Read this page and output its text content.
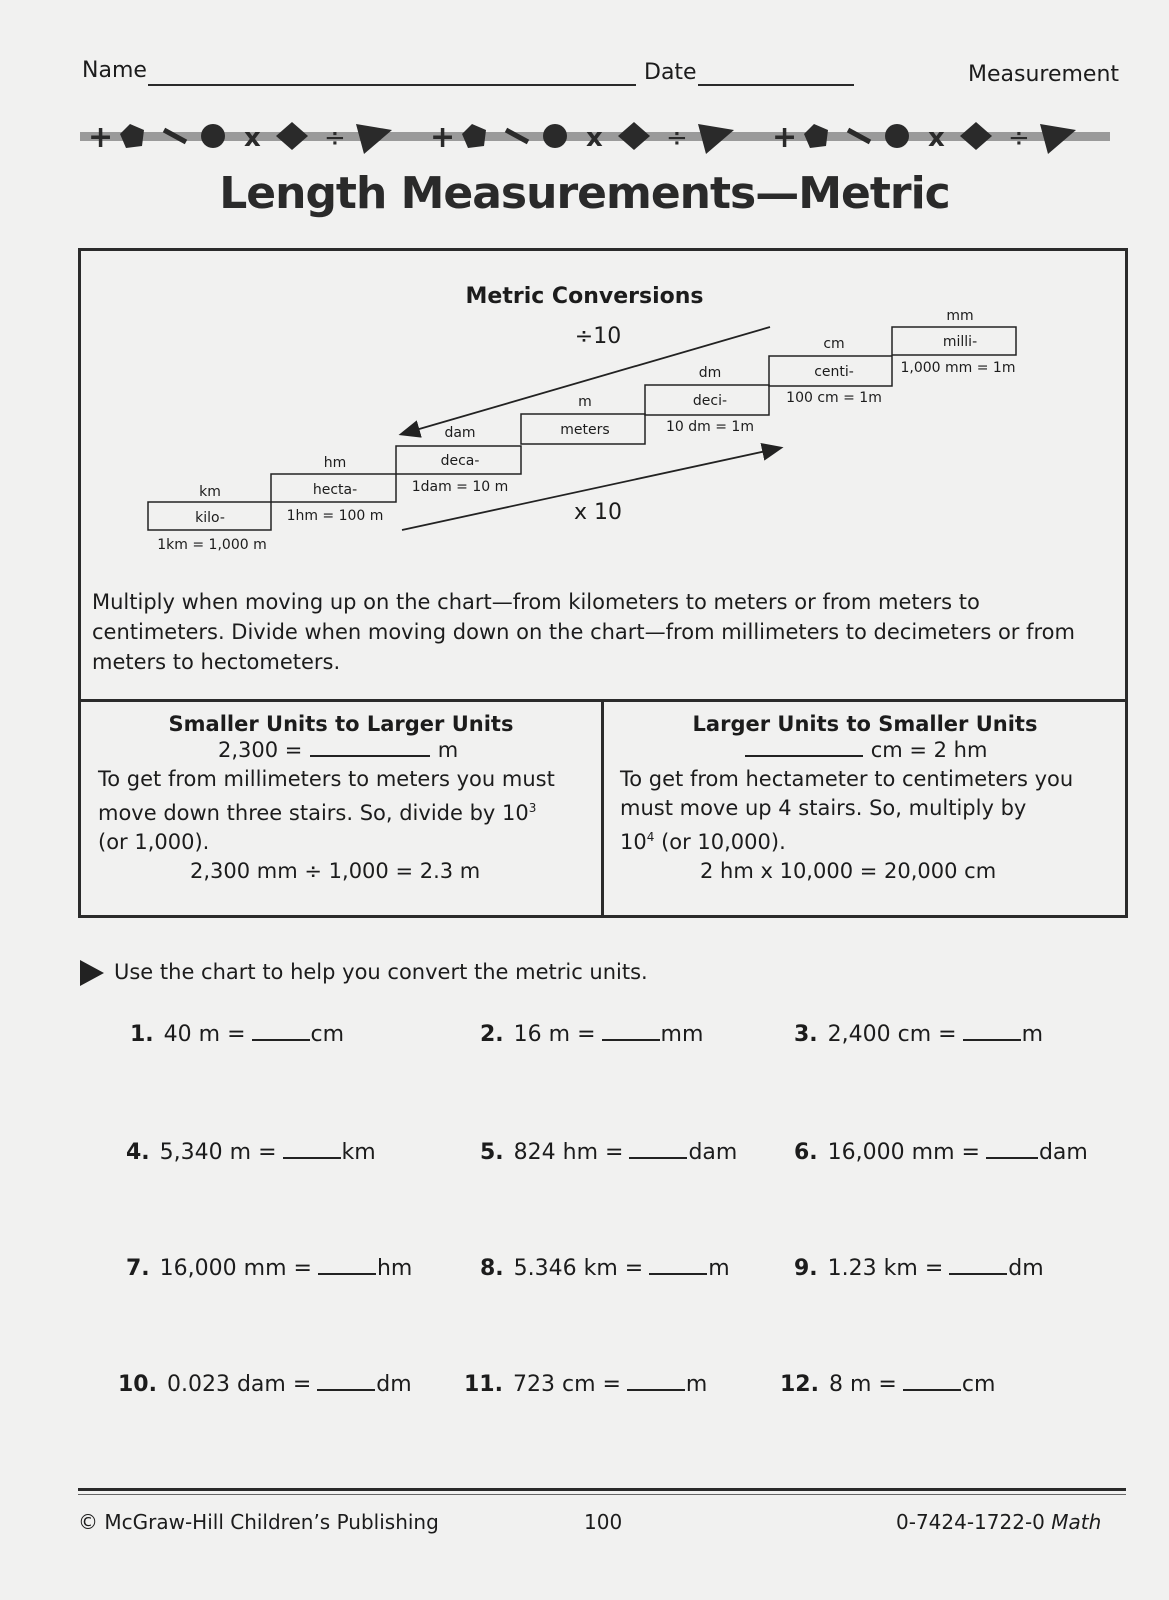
Name	Date	Measurement
+	x ÷	+	x ÷	+	x ÷
Length Measurements—Metric
Metric Conversions
km
hm
dam
m
dm
cm
mm
kilo-
hecta-
deca-
meters
deci-
centi-
milli-
1km = 1,000 m
1hm = 100 m
1dam = 10 m
10 dm = 1m
100 cm = 1m
1,000 mm = 1m
÷10
x 10
Multiply when moving up on the chart—from kilometers to meters or from meters to
centimeters. Divide when moving down on the chart—from millimeters to decimeters or from
meters to hectometers.
Smaller Units to Larger Units
2,300 =	m
To get from millimeters to meters you must
move down three stairs. So, divide by $10^3$
(or 1,000).
2,300 mm ÷ 1,000 = 2.3 m
Larger Units to Smaller Units
cm = 2 hm
To get from hectameter to centimeters you
must move up 4 stairs. So, multiply by
$10^4$ (or 10,000).
2 hm x 10,000 = 20,000 cm
Use the chart to help you convert the metric units.
1. 40 m =	cm	2. 16 m =	mm	3. 2,400 cm =	m
4. 5,340 m =	km	5. 824 hm =	dam	6. 16,000 mm =	dam
7. 16,000 mm =	hm	8. 5.346 km =	m	9. 1.23 km =	dm
10. 0.023 dam =	dm 11. 723 cm =	m	12. 8 m =	cm
© McGraw-Hill Children’s Publishing	100	0-7424-1722-0 Math
